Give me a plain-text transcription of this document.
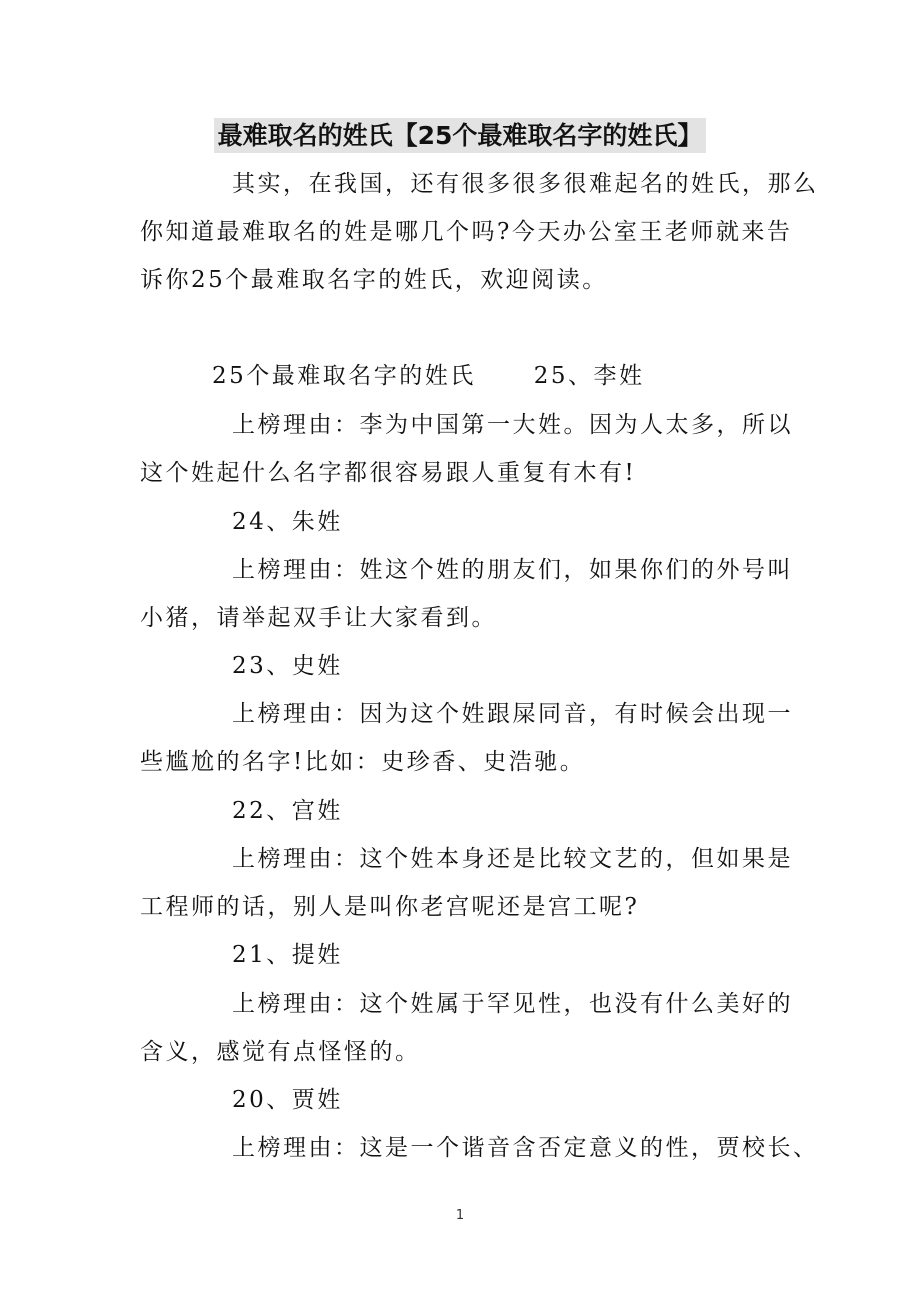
最难取名的姓氏【25个最难取名字的姓氏】
其实，在我国，还有很多很多很难起名的姓氏，那么
你知道最难取名的姓是哪几个吗?今天办公室王老师就来告
诉你25个最难取名字的姓氏，欢迎阅读。
25个最难取名字的姓氏	25、李姓
上榜理由：李为中国第一大姓。因为人太多，所以
这个姓起什么名字都很容易跟人重复有木有!
24、朱姓
上榜理由：姓这个姓的朋友们，如果你们的外号叫
小猪，请举起双手让大家看到。
23、史姓
上榜理由：因为这个姓跟屎同音，有时候会出现一
些尴尬的名字!比如：史珍香、史浩驰。
22、宫姓
上榜理由：这个姓本身还是比较文艺的，但如果是
工程师的话，别人是叫你老宫呢还是宫工呢?
21、提姓
上榜理由：这个姓属于罕见性，也没有什么美好的
含义，感觉有点怪怪的。
20、贾姓
上榜理由：这是一个谐音含否定意义的性，贾校长、
1
